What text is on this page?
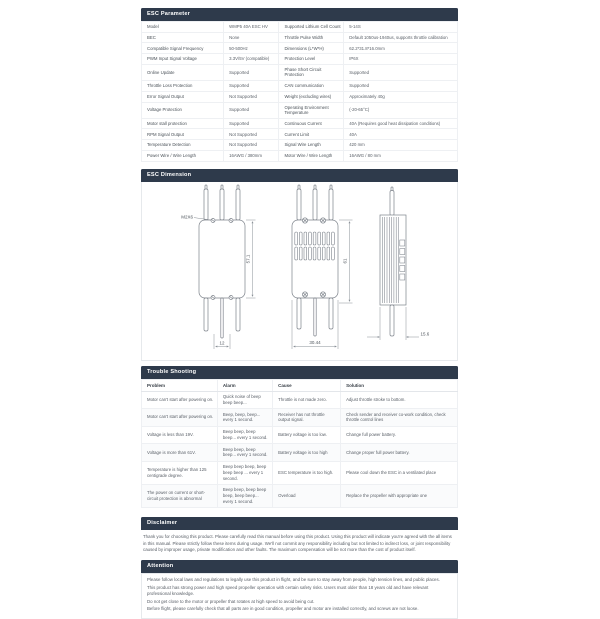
ESC Parameter
Model	WMP5 40A ESC HV	Supported Lithium Cell Count	5-14S
BEC	None	Throttle Pulse Width	Default 1050us-1940us, supports throttle calibration
Compatible Signal Frequency	50-500Hz	Dimensions (L*W*H)	62.2*31.8*16.0mm
PWM Input Signal Voltage	3.3V/5V (compatible)	Protection Level	IP6X
Online Update	Supported	Phase Short Circuit Protection	Supported
Throttle Loss Protection	Supported	CAN communication	Supported
Error Signal Output	Not Supported	Weight (excluding wires)	Approximately 40g
Voltage Protection	Supported	Operating Environment Temperature	(-20-65°C)
Motor stall protection	Supported	Continuous Current	40A (Requires good heat dissipation conditions)
RPM Signal Output	Not Supported	Current Limit	40A
Temperature Detection	Not Supported	Signal Wire Length	420 mm
Power Wire / Wire Length	16AWG / 380mm	Motor Wire / Wire Length	16AWG / 80 mm
ESC Dimension
M2X6
57.1
12
61
30.44
15.6
Trouble Shooting
Problem	Alarm	Cause	Solution
Motor can't start after powering on.	Quick noise of beep beep beep...	Throttle is not made zero.	Adjust throttle stroke to bottom.
Motor can't start after powering on.	Beep, beep, beep... every 1 second.	Receiver has not throttle output signal.	Check sender and receiver co-work condition, check throttle control lines
Voltage is less than 19V.	Beep beep, beep beep... every 1 second.	Battery voltage is too low.	Change full power battery.
Voltage is more than 61V.	Beep beep, beep beep... every 1 second.	Battery voltage is too high	Change proper full power battery.
Temperature is higher than 125 centigrade degree.	Beep beep beep, beep beep beep ... every 1 second.	ESC temperature is too high.	Please cool down the ESC in a ventilated place
The power on current or short-circuit protection is abnormal	Beep beep, beep beep beep, beep beep... every 1 second.	Overload	Replace the propeller with appropriate one
Disclaimer
Thank you for choosing this product. Please carefully read this manual before using this product. Using this product will indicate you're agreed with the all items in this manual. Please strictly follow these items during usage. We'll not commit any responsibility including but not limited to indirect loss, or joint responsibility caused by improper usage, private modification and other faults. The maximum compensation will be not more than the cost of product itself.
Attention

Please follow local laws and regulations to legally use this product in flight, and be sure to stay away from people, high tension lines, and public places.

This product has strong power and high speed propeller operation with certain safety risks. Users must older than 18 years old and have relevant professional knowledge.

Do not get close to the motor or propeller that rotates at high speed to avoid being cut.

Before flight, please carefully check that all parts are in good condition, propeller and motor are installed correctly, and screws are not loose.
